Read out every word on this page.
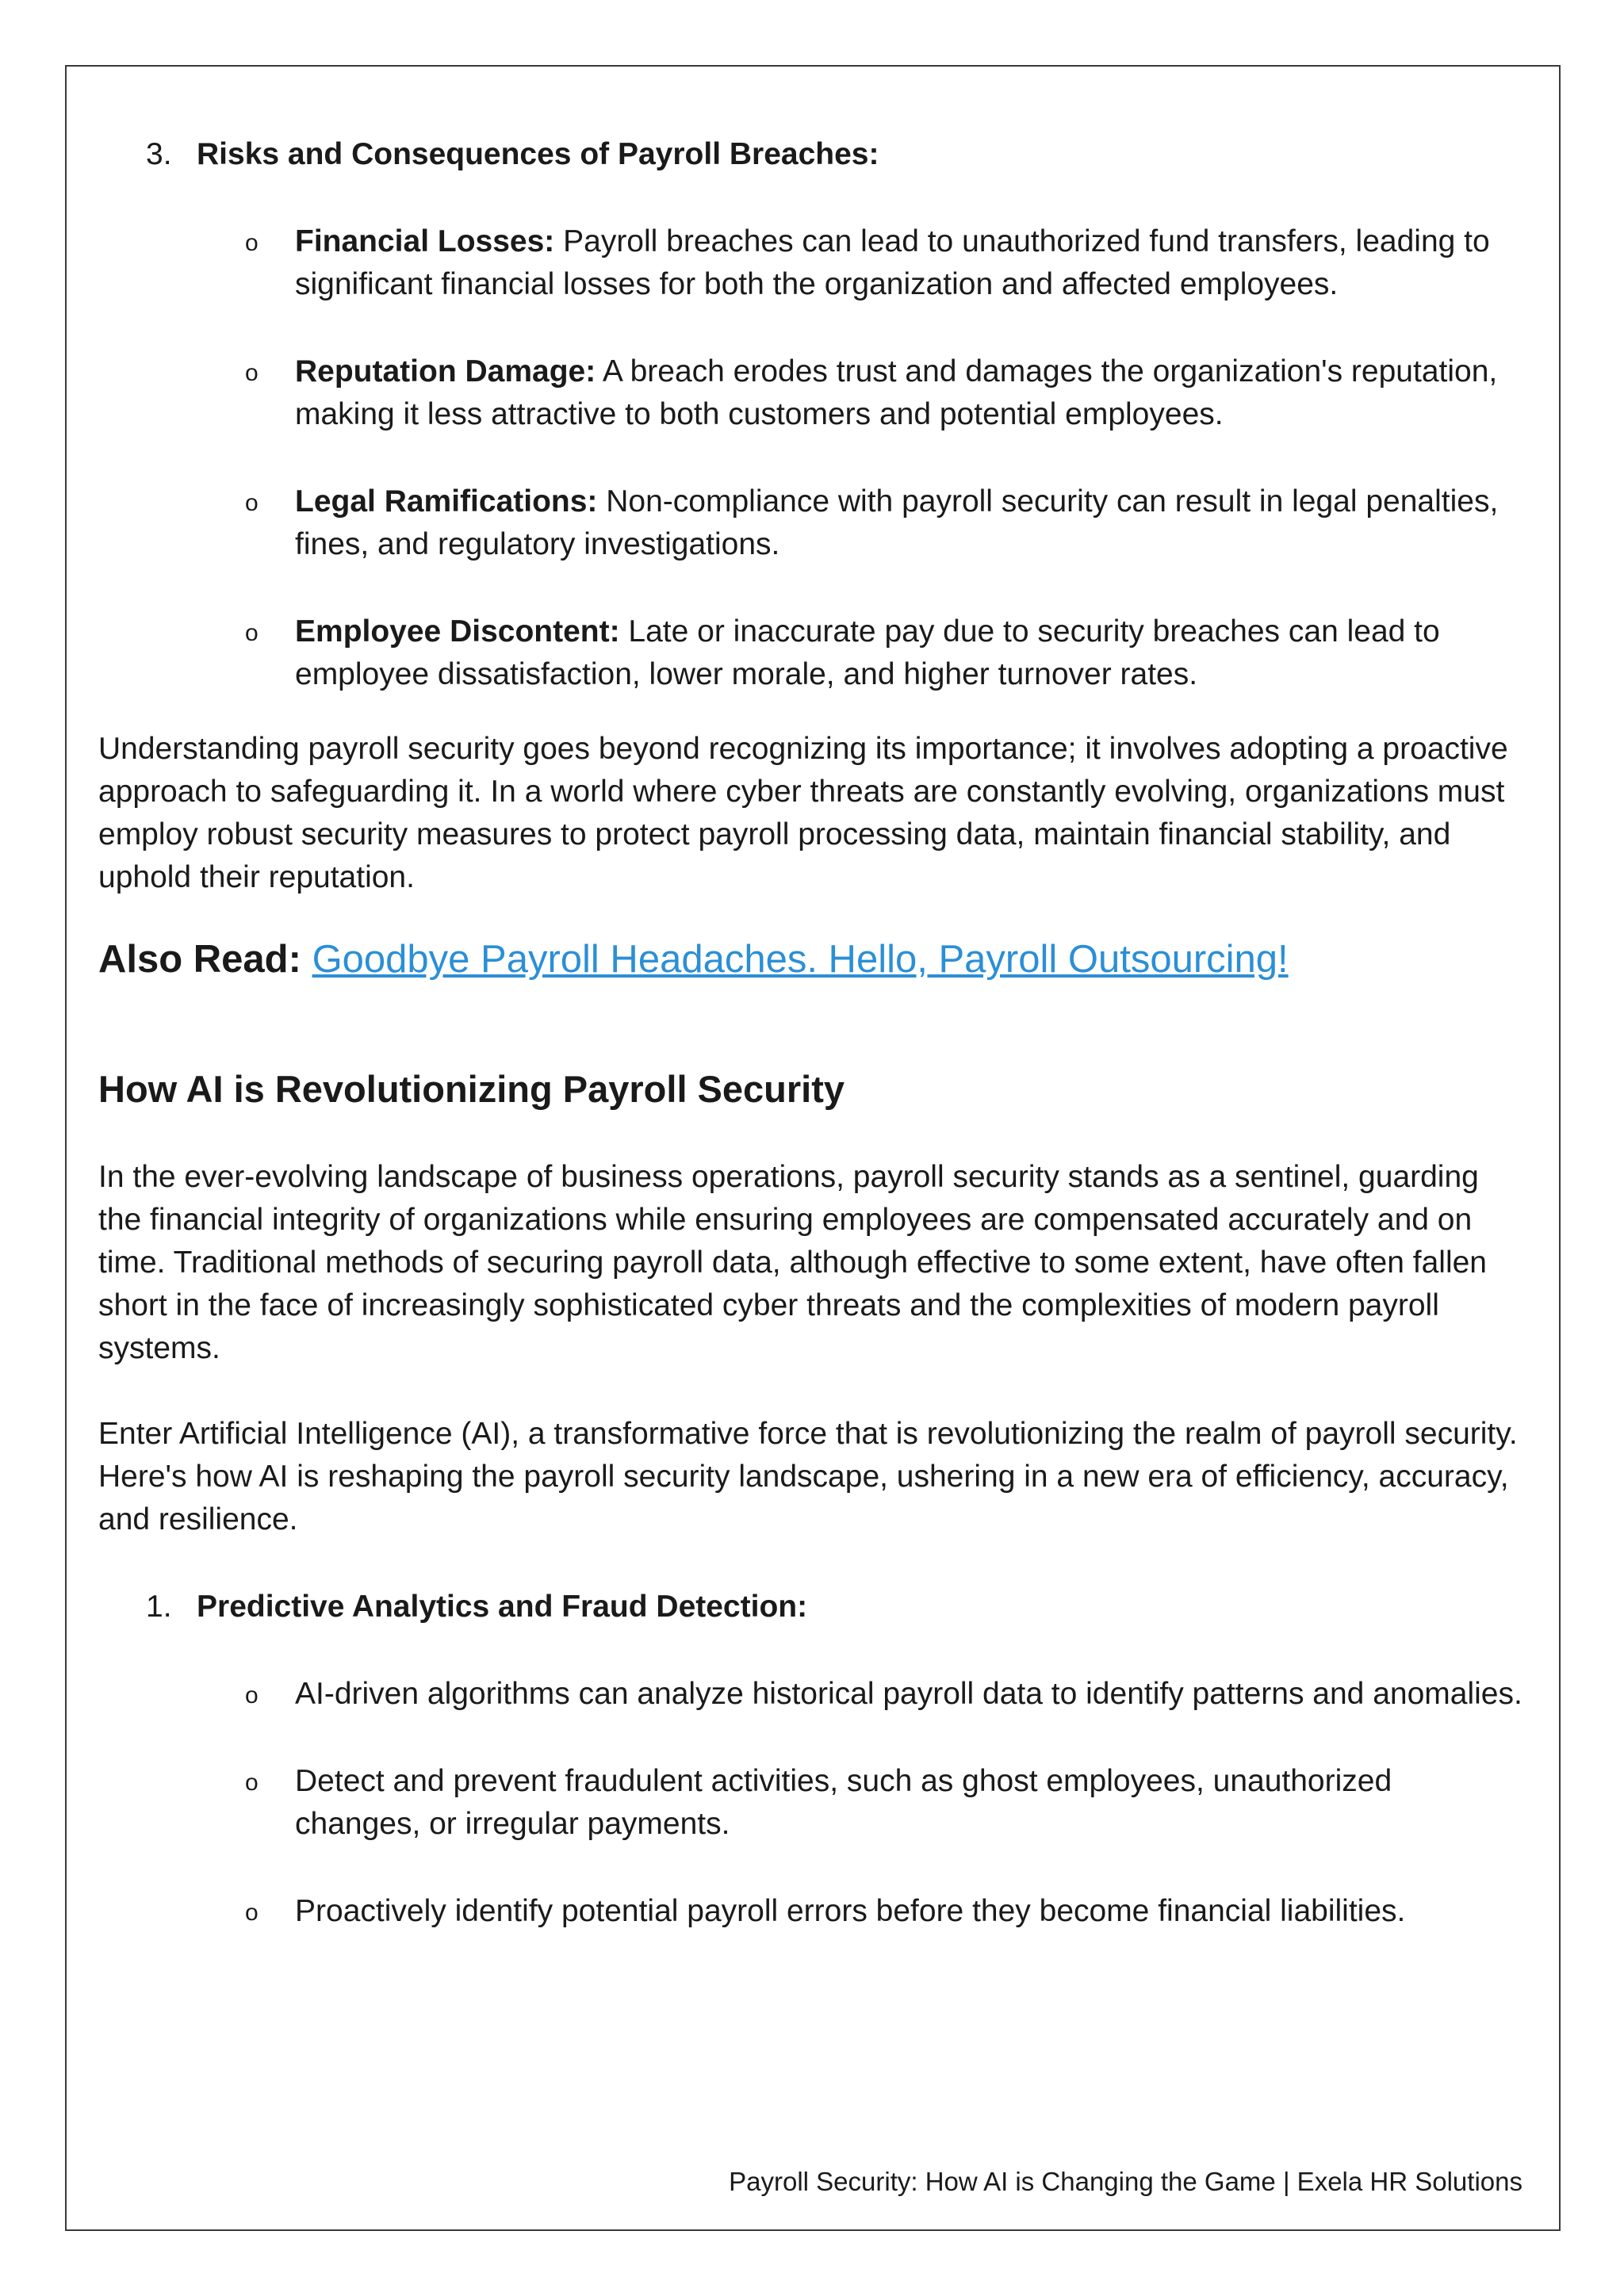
3. Risks and Consequences of Payroll Breaches:
o Financial Losses: Payroll breaches can lead to unauthorized fund transfers, leading to significant financial losses for both the organization and affected employees.
o Reputation Damage: A breach erodes trust and damages the organization's reputation, making it less attractive to both customers and potential employees.
o Legal Ramifications: Non-compliance with payroll security can result in legal penalties, fines, and regulatory investigations.
o Employee Discontent: Late or inaccurate pay due to security breaches can lead to employee dissatisfaction, lower morale, and higher turnover rates.

Understanding payroll security goes beyond recognizing its importance; it involves adopting a proactive approach to safeguarding it. In a world where cyber threats are constantly evolving, organizations must employ robust security measures to protect payroll processing data, maintain financial stability, and uphold their reputation.

Also Read: Goodbye Payroll Headaches. Hello, Payroll Outsourcing!
How AI is Revolutionizing Payroll Security

In the ever-evolving landscape of business operations, payroll security stands as a sentinel, guarding the financial integrity of organizations while ensuring employees are compensated accurately and on time. Traditional methods of securing payroll data, although effective to some extent, have often fallen short in the face of increasingly sophisticated cyber threats and the complexities of modern payroll systems.

Enter Artificial Intelligence (AI), a transformative force that is revolutionizing the realm of payroll security. Here's how AI is reshaping the payroll security landscape, ushering in a new era of efficiency, accuracy, and resilience.

1. Predictive Analytics and Fraud Detection:
o AI-driven algorithms can analyze historical payroll data to identify patterns and anomalies.
o Detect and prevent fraudulent activities, such as ghost employees, unauthorized changes, or irregular payments.
o Proactively identify potential payroll errors before they become financial liabilities.
Payroll Security: How AI is Changing the Game | Exela HR Solutions
